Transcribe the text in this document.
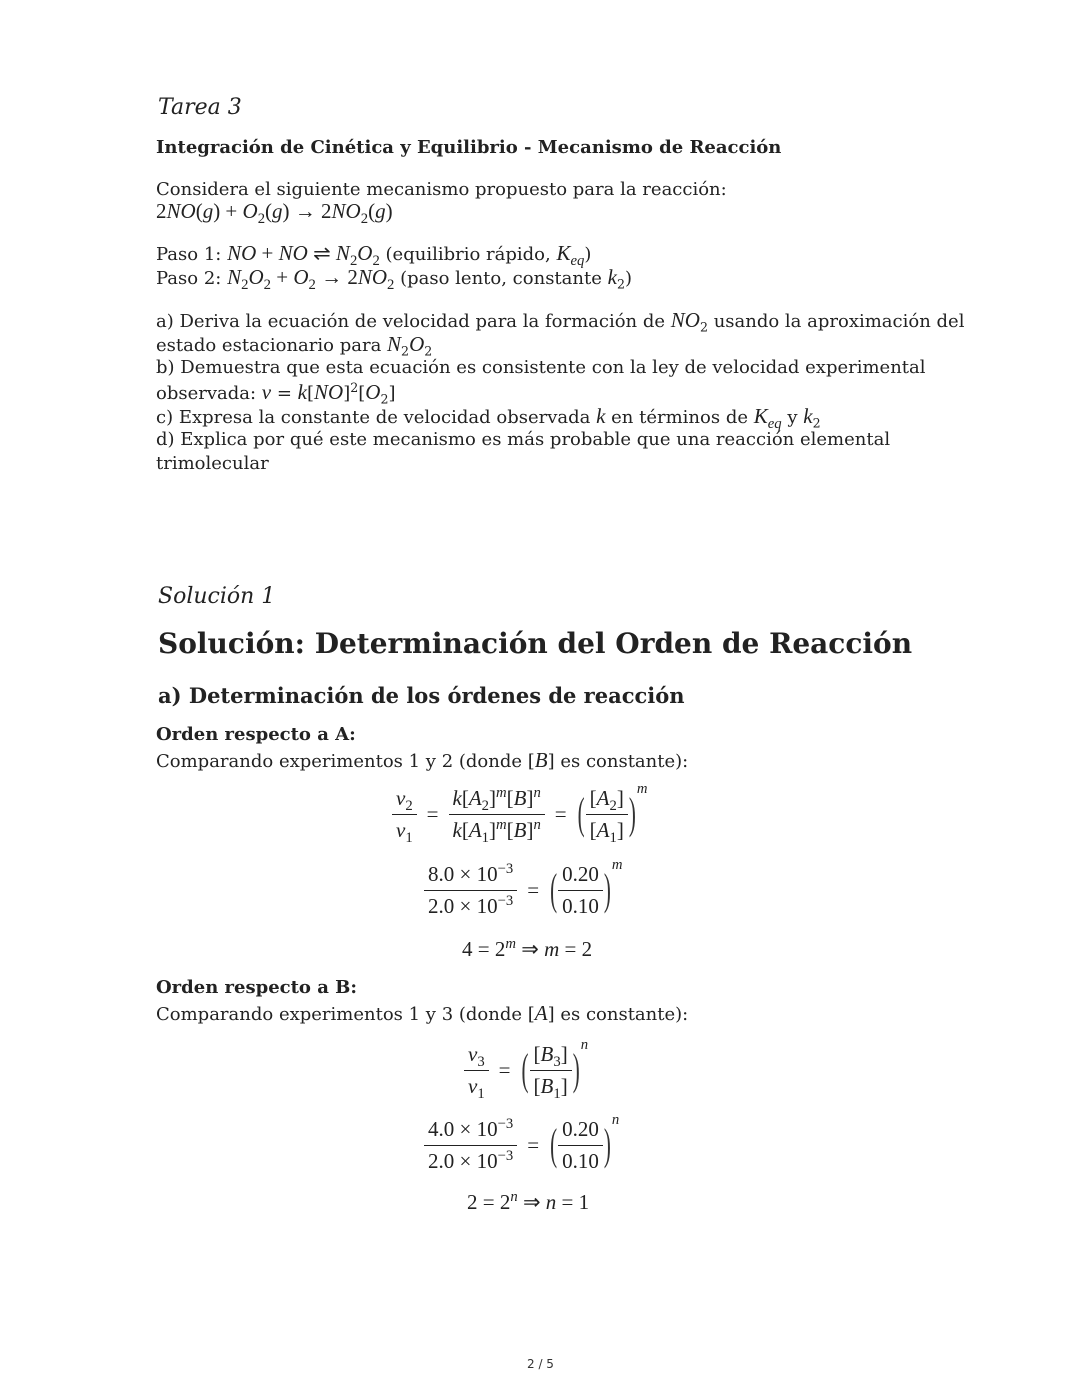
Tarea 3
Integración de Cinética y Equilibrio - Mecanismo de Reacción
Considera el siguiente mecanismo propuesto para la reacción:
$2NO(g) + O_2(g) \to 2NO_2(g)$
Paso 1: NO + NO ⇌ $N_2O_2$ (equilibrio rápido, $K_{eq}$)
Paso 2: $N_2O_2 + O_2 \to 2NO_2$ (paso lento, constante $k_2$)
a) Deriva la ecuación de velocidad para la formación de $NO_2$ usando la aproximación del
estado estacionario para $N_2O_2$
b) Demuestra que esta ecuación es consistente con la ley de velocidad experimental
observada: $v = k[NO]^2[O_2]$
c) Expresa la constante de velocidad observada k en términos de $K_{eq}$ y $k_2$
d) Explica por qué este mecanismo es más probable que una reacción elemental
trimolecular
Solución 1
Solución: Determinación del Orden de Reacción
a) Determinación de los órdenes de reacción
Orden respecto a A:
Comparando experimentos 1 y 2 (donde [B] es constante):
$\frac{v_2}{v_1} = \frac{k[A_2]^m[B]^n}{k[A_1]^m[B]^n}$ = ( $\frac{[A_2]}{[A_1]} )^m$
$\frac{8.0 \times 10^{-3}}{2.0 \times 10^{-3}}$ = ( $\frac{0.20}{0.10} )^m$
$4 = 2^m$ ⇒ m = 2
Orden respecto a B:
Comparando experimentos 1 y 3 (donde [A] es constante):
$\frac{v_3}{v_1}$ = ( $\frac{[B_3]}{[B_1]} )^n$
$\frac{4.0 \times 10^{-3}}{2.0 \times 10^{-3}}$ = ( $\frac{0.20}{0.10} )^n$
$2 = 2^n$ ⇒ n = 1
2 / 5
